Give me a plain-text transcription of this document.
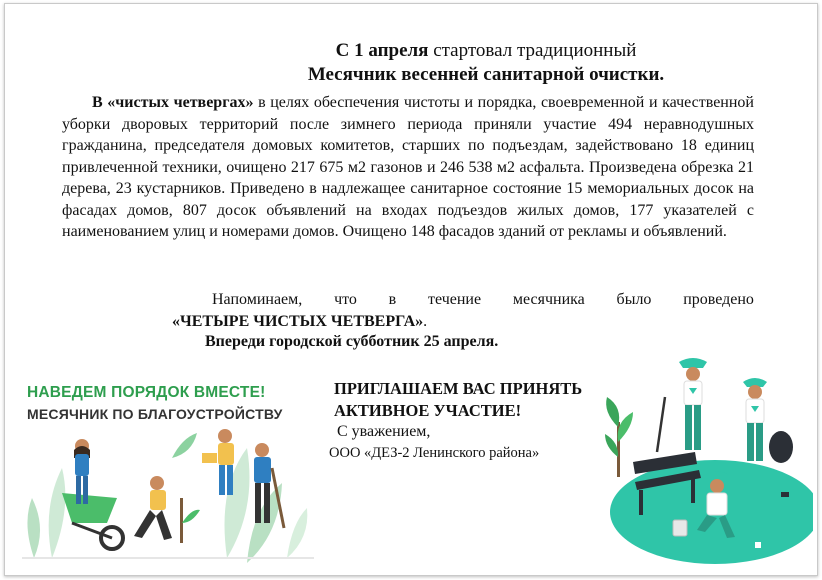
С 1 апреля стартовал традиционный
Месячник весенней санитарной очистки.
В «чистых четвергах» в целях обеспечения чистоты и порядка, своевременной и качественной уборки дворовых территорий после зимнего периода приняли участие 494 неравнодушных гражданина, председателя домовых комитетов, старших по подъездам, задействовано 18 единиц привлеченной техники, очищено 217 675 м2 газонов и 246 538 м2 асфальта. Произведена обрезка 21 дерева, 23 кустарников. Приведено в надлежащее санитарное состояние 15 мемориальных досок на фасадах домов, 807 досок объявлений на входах подъездов жилых домов, 177 указателей с наименованием улиц и номерами домов. Очищено 148 фасадов зданий от рекламы и объявлений.
Напоминаем, что в течение месячника было проведено
«ЧЕТЫРЕ ЧИСТЫХ ЧЕТВЕРГА».
Впереди городской субботник 25 апреля.
НАВЕДЕМ ПОРЯДОК ВМЕСТЕ!
МЕСЯЧНИК ПО БЛАГОУСТРОЙСТВУ
ПРИГЛАШАЕМ ВАС ПРИНЯТЬ
АКТИВНОЕ УЧАСТИЕ!
С уважением,
ООО «ДЕЗ-2 Ленинского района»
